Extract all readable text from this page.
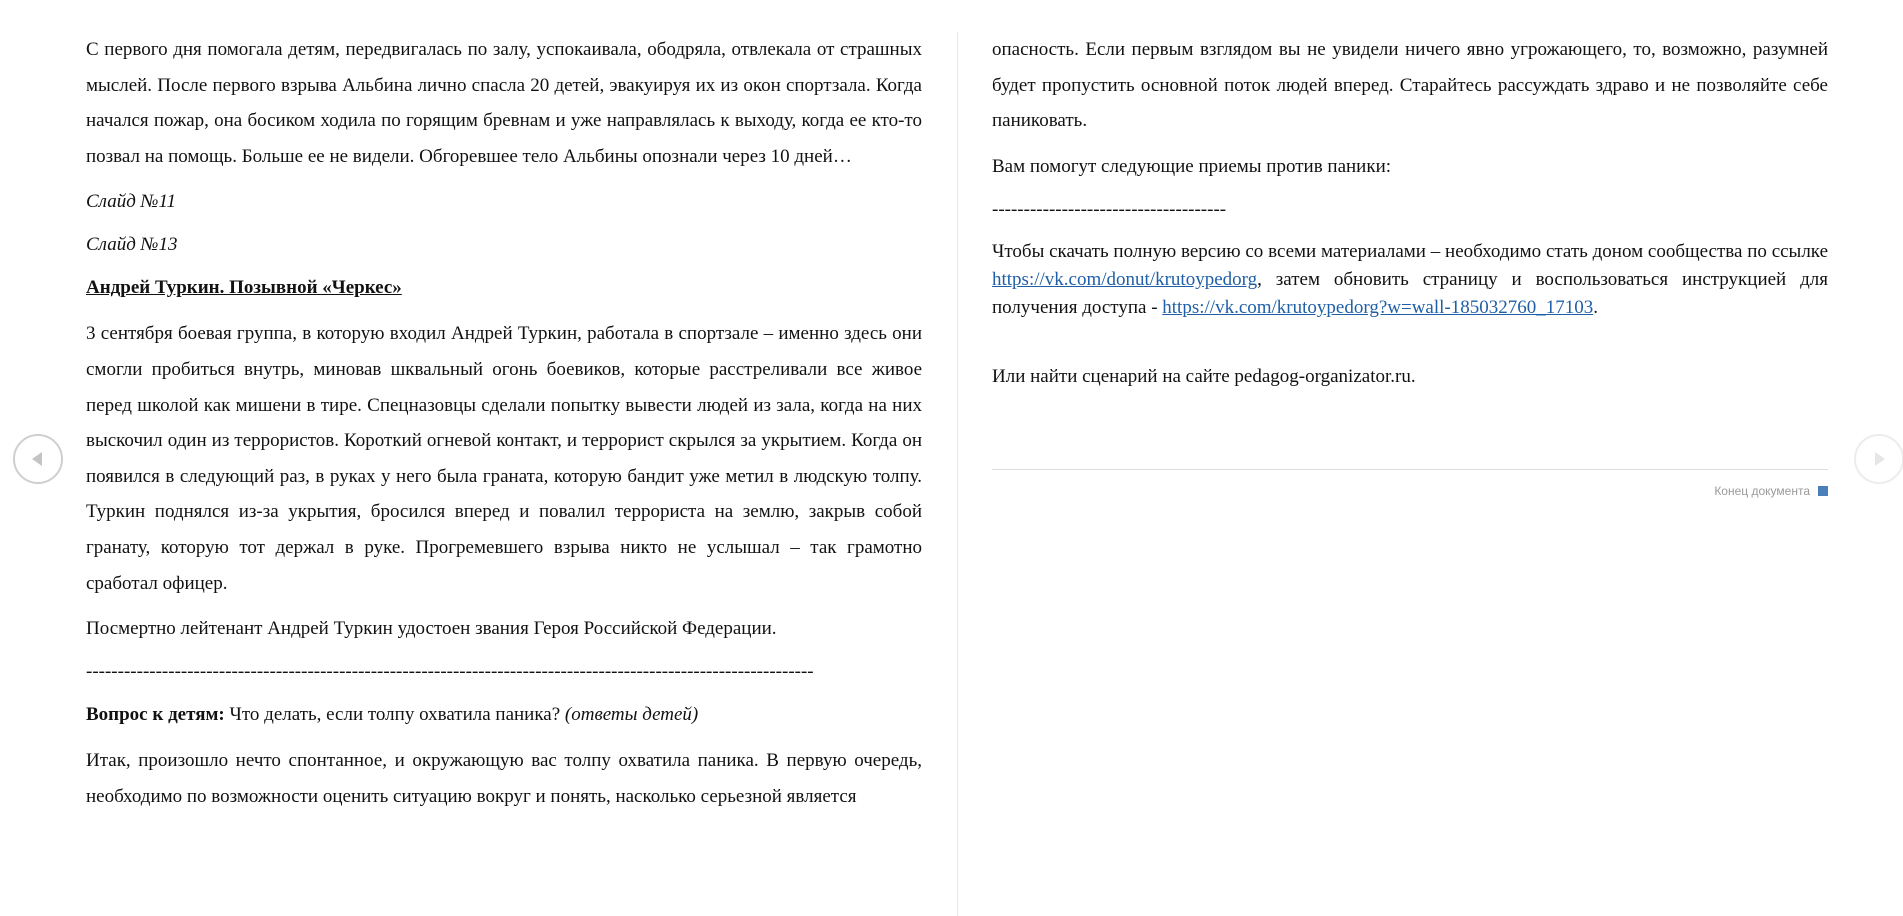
С первого дня помогала детям, передвигалась по залу, успокаивала, ободряла, отвлекала от страшных мыслей. После первого взрыва Альбина лично спасла 20 детей, эвакуируя их из окон спортзала. Когда начался пожар, она босиком ходила по горящим бревнам и уже направлялась к выходу, когда ее кто-то позвал на помощь. Больше ее не видели. Обгоревшее тело Альбины опознали через 10 дней…

Слайд №11

Слайд №13

Андрей Туркин. Позывной «Черкес»

3 сентября боевая группа, в которую входил Андрей Туркин, работала в спортзале – именно здесь они смогли пробиться внутрь, миновав шквальный огонь боевиков, которые расстреливали все живое перед школой как мишени в тире. Спецназовцы сделали попытку вывести людей из зала, когда на них выскочил один из террористов. Короткий огневой контакт, и террорист скрылся за укрытием. Когда он появился в следующий раз, в руках у него была граната, которую бандит уже метил в людскую толпу. Туркин поднялся из-за укрытия, бросился вперед и повалил террориста на землю, закрыв собой гранату, которую тот держал в руке. Прогремевшего взрыва никто не услышал – так грамотно сработал офицер.

Посмертно лейтенант Андрей Туркин удостоен звания Героя Российской Федерации.

-------------------------------------------------------------------------------------------------------------------

Вопрос к детям: Что делать, если толпу охватила паника? (ответы детей)

Итак, произошло нечто спонтанное, и окружающую вас толпу охватила паника. В первую очередь, необходимо по возможности оценить ситуацию вокруг и понять, насколько серьезной является

опасность. Если первым взглядом вы не увидели ничего явно угрожающего, то, возможно, разумней будет пропустить основной поток людей вперед. Старайтесь рассуждать здраво и не позволяйте себе паниковать.

Вам помогут следующие приемы против паники:

-------------------------------------

Чтобы скачать полную версию со всеми материалами – необходимо стать доном сообщества по ссылке https://vk.com/donut/krutoypedorg, затем обновить страницу и воспользоваться инструкцией для получения доступа - https://vk.com/krutoypedorg?w=wall-185032760_17103.

Или найти сценарий на сайте pedagog-organizator.ru.

Конец документа
